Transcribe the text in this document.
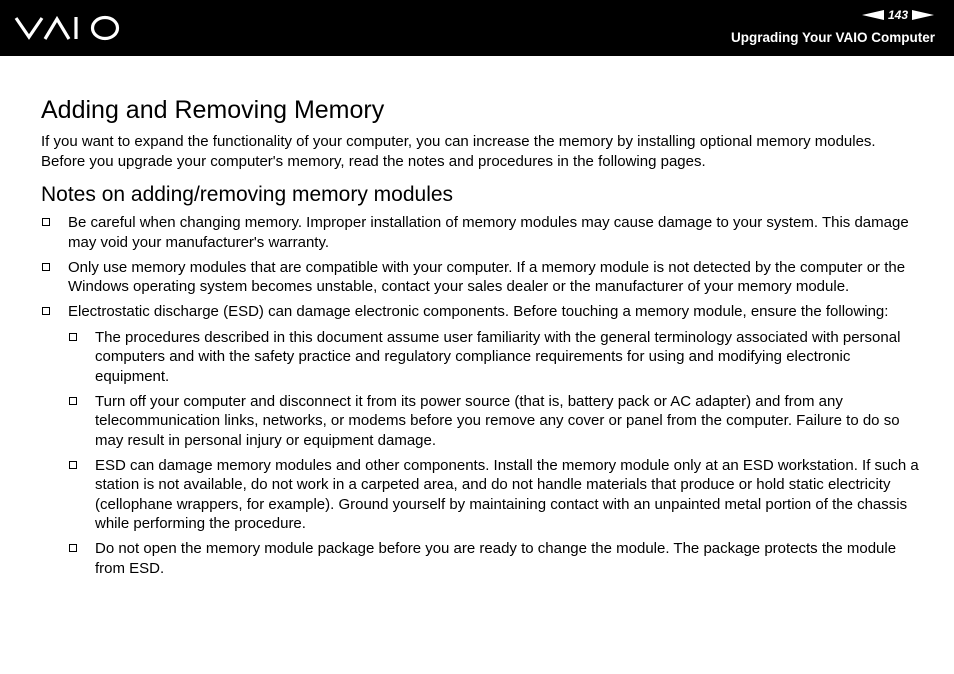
143
Upgrading Your VAIO Computer
Adding and Removing Memory

If you want to expand the functionality of your computer, you can increase the memory by installing optional memory modules. Before you upgrade your computer's memory, read the notes and procedures in the following pages.

Notes on adding/removing memory modules
Be careful when changing memory. Improper installation of memory modules may cause damage to your system. This damage may void your manufacturer's warranty.
Only use memory modules that are compatible with your computer. If a memory module is not detected by the computer or the Windows operating system becomes unstable, contact your sales dealer or the manufacturer of your memory module.
Electrostatic discharge (ESD) can damage electronic components. Before touching a memory module, ensure the following:
The procedures described in this document assume user familiarity with the general terminology associated with personal computers and with the safety practice and regulatory compliance requirements for using and modifying electronic equipment.
Turn off your computer and disconnect it from its power source (that is, battery pack or AC adapter) and from any telecommunication links, networks, or modems before you remove any cover or panel from the computer. Failure to do so may result in personal injury or equipment damage.
ESD can damage memory modules and other components. Install the memory module only at an ESD workstation. If such a station is not available, do not work in a carpeted area, and do not handle materials that produce or hold static electricity (cellophane wrappers, for example). Ground yourself by maintaining contact with an unpainted metal portion of the chassis while performing the procedure.
Do not open the memory module package before you are ready to change the module. The package protects the module from ESD.
